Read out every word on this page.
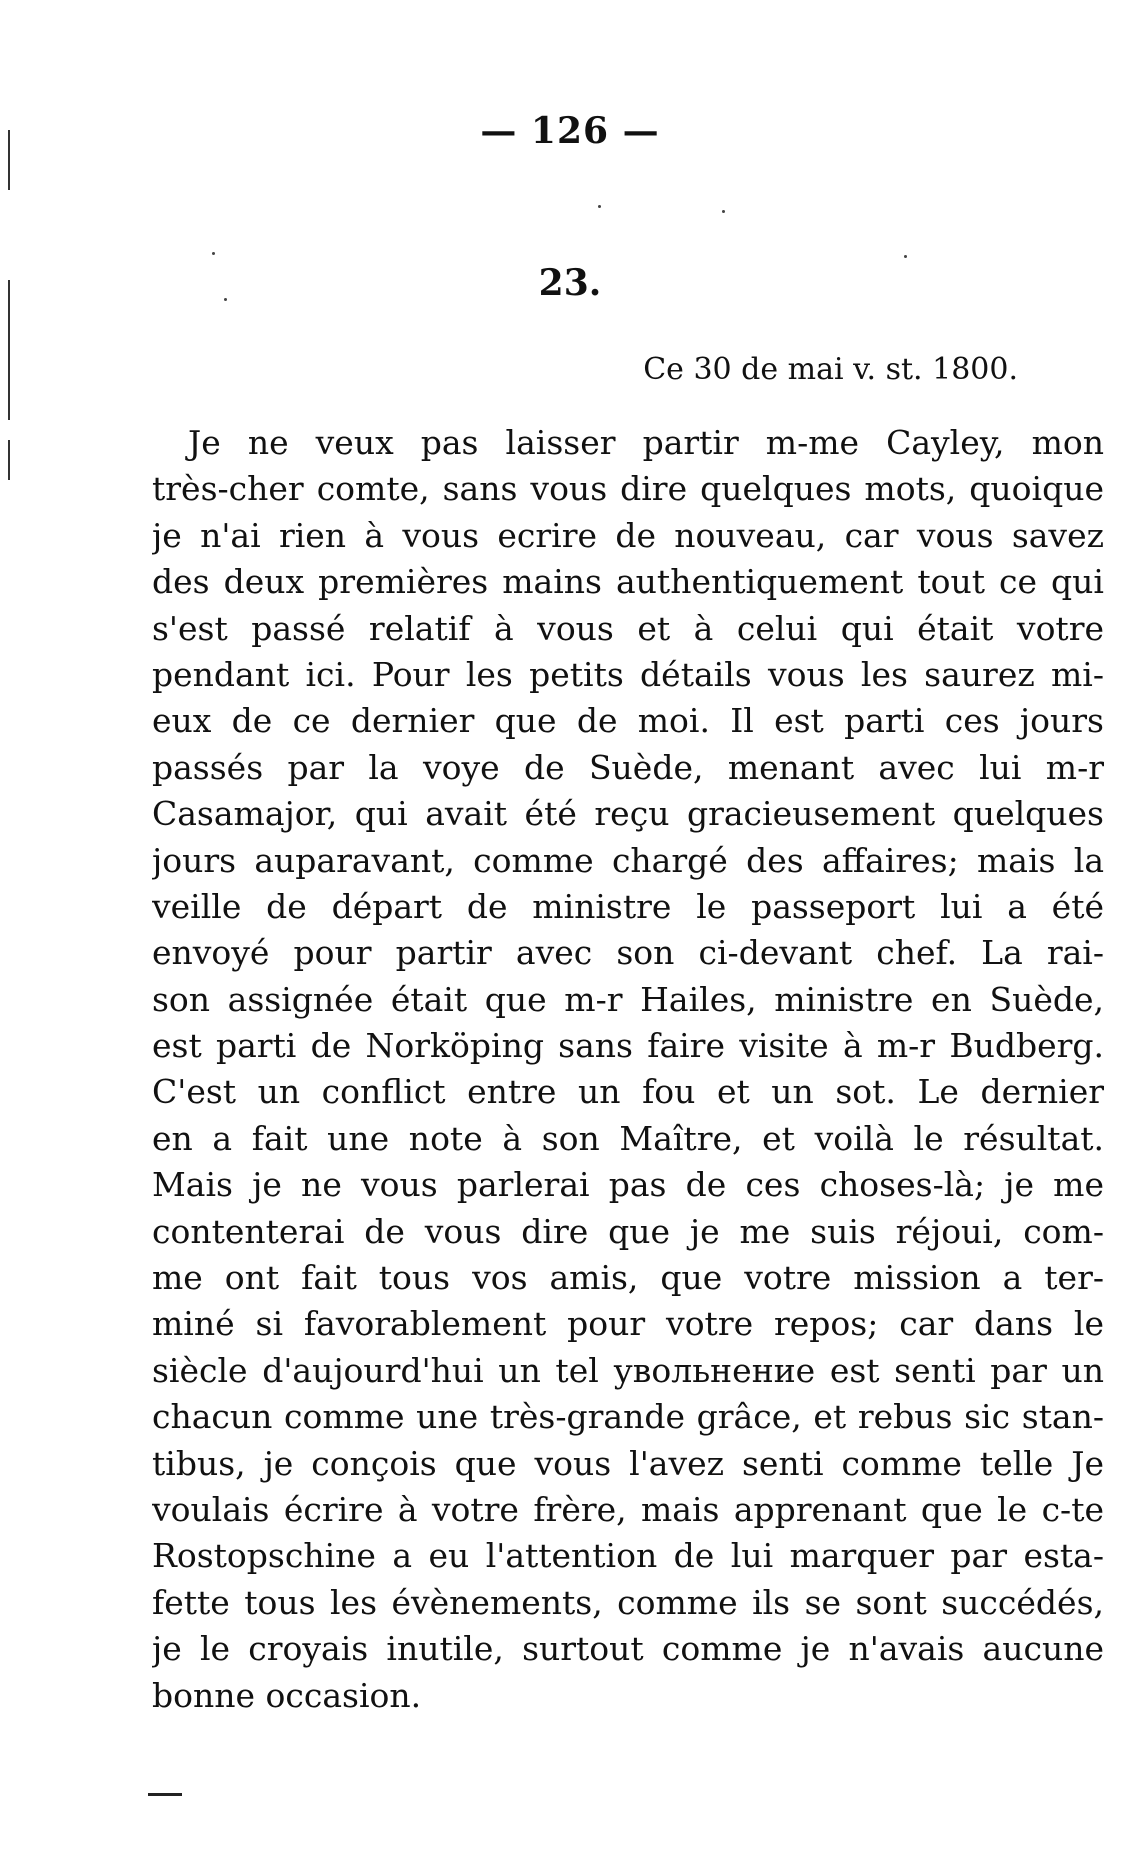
— 126 —
23.
Ce 30 de mai v. st. 1800.
Je ne veux pas laisser partir m-me Cayley, mon
très-cher comte, sans vous dire quelques mots, quoique
je n'ai rien à vous ecrire de nouveau, car vous savez
des deux premières mains authentiquement tout ce qui
s'est passé relatif à vous et à celui qui était votre
pendant ici. Pour les petits détails vous les saurez mi-
eux de ce dernier que de moi. Il est parti ces jours
passés par la voye de Suède, menant avec lui m-r
Casamajor, qui avait été reçu gracieusement quelques
jours auparavant, comme chargé des affaires; mais la
veille de départ de ministre le passeport lui a été
envoyé pour partir avec son ci-devant chef. La rai-
son assignée était que m-r Hailes, ministre en Suède,
est parti de Norköping sans faire visite à m-r Budberg.
C'est un conflict entre un fou et un sot. Le dernier
en a fait une note à son Maître, et voilà le résultat.
Mais je ne vous parlerai pas de ces choses-là; je me
contenterai de vous dire que je me suis réjoui, com-
me ont fait tous vos amis, que votre mission a ter-
miné si favorablement pour votre repos; car dans le
siècle d'aujourd'hui un tel увольнение est senti par un
chacun comme une très-grande grâce, et rebus sic stan-
tibus, je conçois que vous l'avez senti comme telle Je
voulais écrire à votre frère, mais apprenant que le c-te
Rostopschine a eu l'attention de lui marquer par esta-
fette tous les évènements, comme ils se sont succédés,
je le croyais inutile, surtout comme je n'avais aucune
bonne occasion.
